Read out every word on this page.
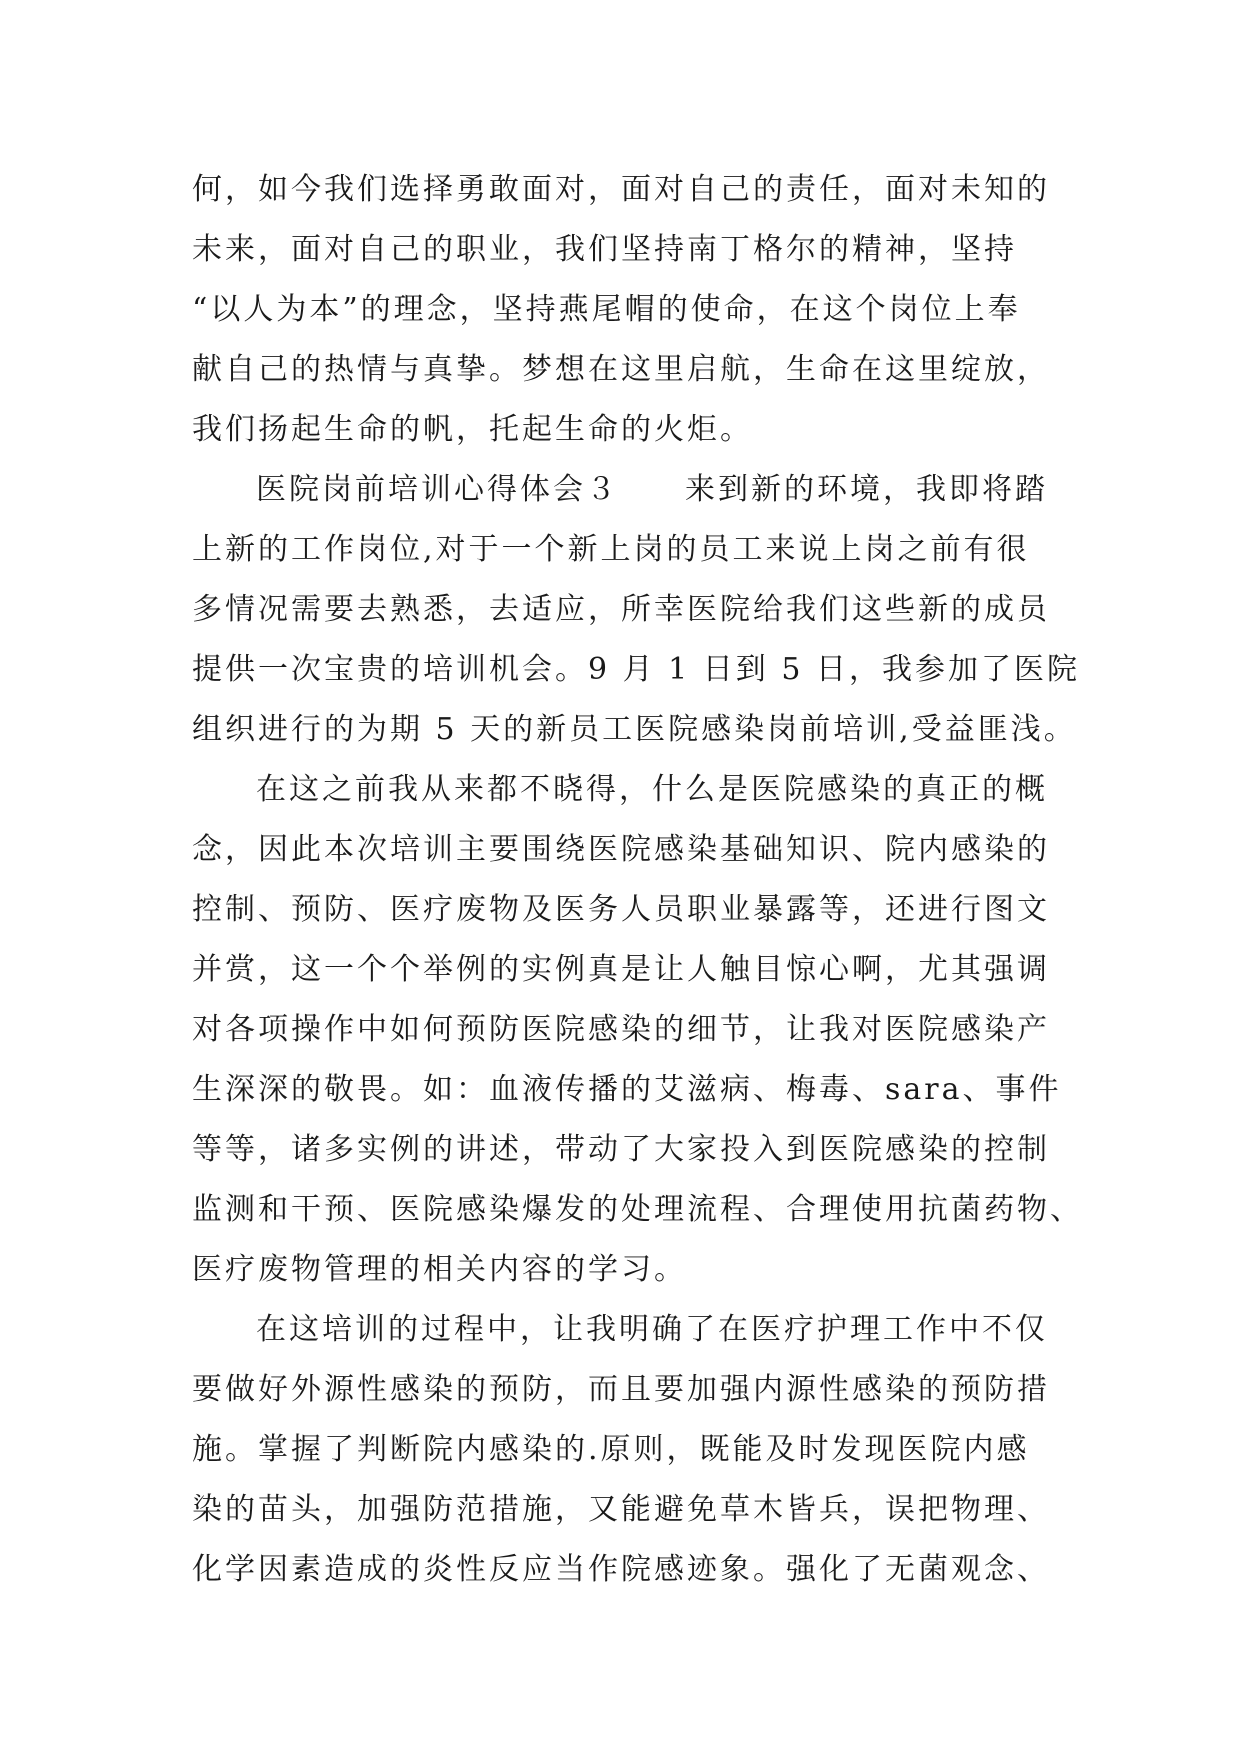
何，如今我们选择勇敢面对，面对自己的责任，面对未知的
未来，面对自己的职业，我们坚持南丁格尔的精神，坚持
“以人为本”的理念，坚持燕尾帽的使命，在这个岗位上奉
献自己的热情与真挚。梦想在这里启航，生命在这里绽放，
我们扬起生命的帆，托起生命的火炬。
医院岗前培训心得体会３　　来到新的环境，我即将踏
上新的工作岗位,对于一个新上岗的员工来说上岗之前有很
多情况需要去熟悉，去适应，所幸医院给我们这些新的成员
提供一次宝贵的培训机会。9 月 1 日到 5 日，我参加了医院
组织进行的为期 5 天的新员工医院感染岗前培训,受益匪浅。
在这之前我从来都不晓得，什么是医院感染的真正的概
念，因此本次培训主要围绕医院感染基础知识、院内感染的
控制、预防、医疗废物及医务人员职业暴露等，还进行图文
并赏，这一个个举例的实例真是让人触目惊心啊，尤其强调
对各项操作中如何预防医院感染的细节，让我对医院感染产
生深深的敬畏。如：血液传播的艾滋病、梅毒、sara、事件
等等，诸多实例的讲述，带动了大家投入到医院感染的控制
监测和干预、医院感染爆发的处理流程、合理使用抗菌药物、
医疗废物管理的相关内容的学习。
在这培训的过程中，让我明确了在医疗护理工作中不仅
要做好外源性感染的预防，而且要加强内源性感染的预防措
施。掌握了判断院内感染的.原则，既能及时发现医院内感
染的苗头，加强防范措施，又能避免草木皆兵，误把物理、
化学因素造成的炎性反应当作院感迹象。强化了无菌观念、
